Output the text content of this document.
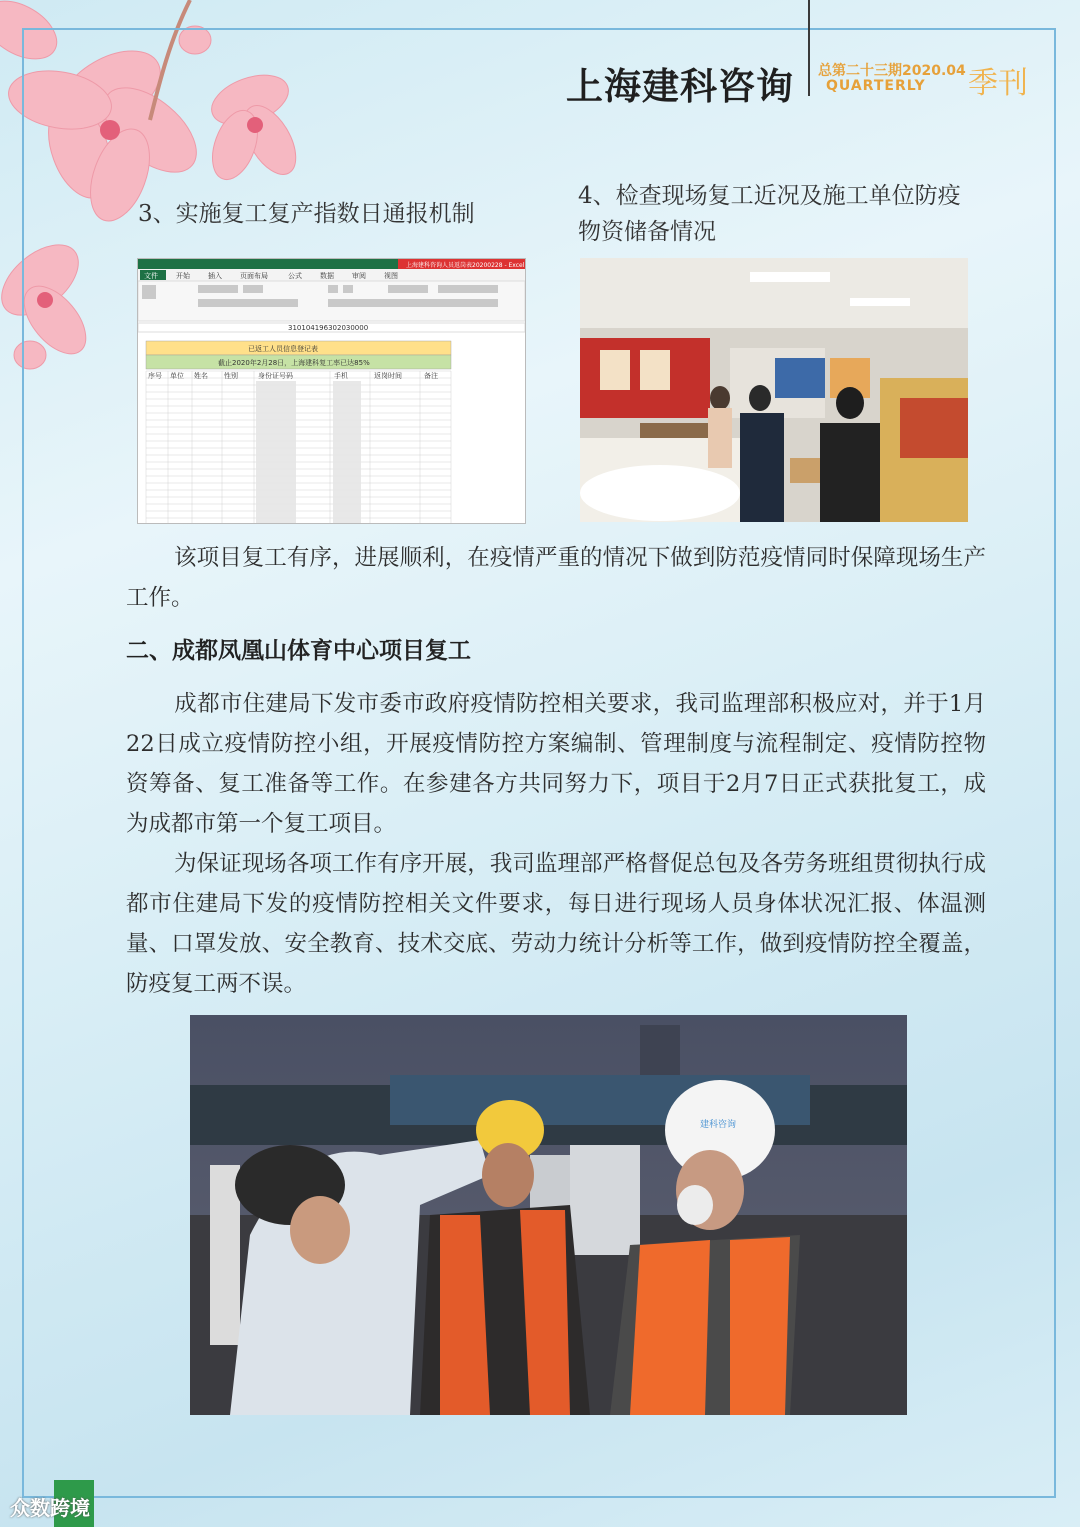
上海建科咨询 总第二十三期2020.04
QUARTERLY 季刊
3、实施复工复产指数日通报机制
4、检查现场复工近况及施工单位防疫物资储备情况
上海建科咨询人员返岗表20200228 - Excel
文件	开始	插入	页面布局	公式	数据	审阅	视图
310104196302030000
已返工人员信息登记表
截止2020年2月28日，上海建科复工率已达85%
序号 单位 姓名 性别	身份证号码	手机	返岗时间	备注
该项目复工有序，进展顺利，在疫情严重的情况下做到防范疫情同时保障现场生产工作。
二、成都凤凰山体育中心项目复工
成都市住建局下发市委市政府疫情防控相关要求，我司监理部积极应对，并于1月22日成立疫情防控小组，开展疫情防控方案编制、管理制度与流程制定、疫情防控物资筹备、复工准备等工作。在参建各方共同努力下，项目于2月7日正式获批复工，成为成都市第一个复工项目。
为保证现场各项工作有序开展，我司监理部严格督促总包及各劳务班组贯彻执行成都市住建局下发的疫情防控相关文件要求，每日进行现场人员身体状况汇报、体温测量、口罩发放、安全教育、技术交底、劳动力统计分析等工作，做到疫情防控全覆盖，防疫复工两不误。
建科咨询
众数跨境
